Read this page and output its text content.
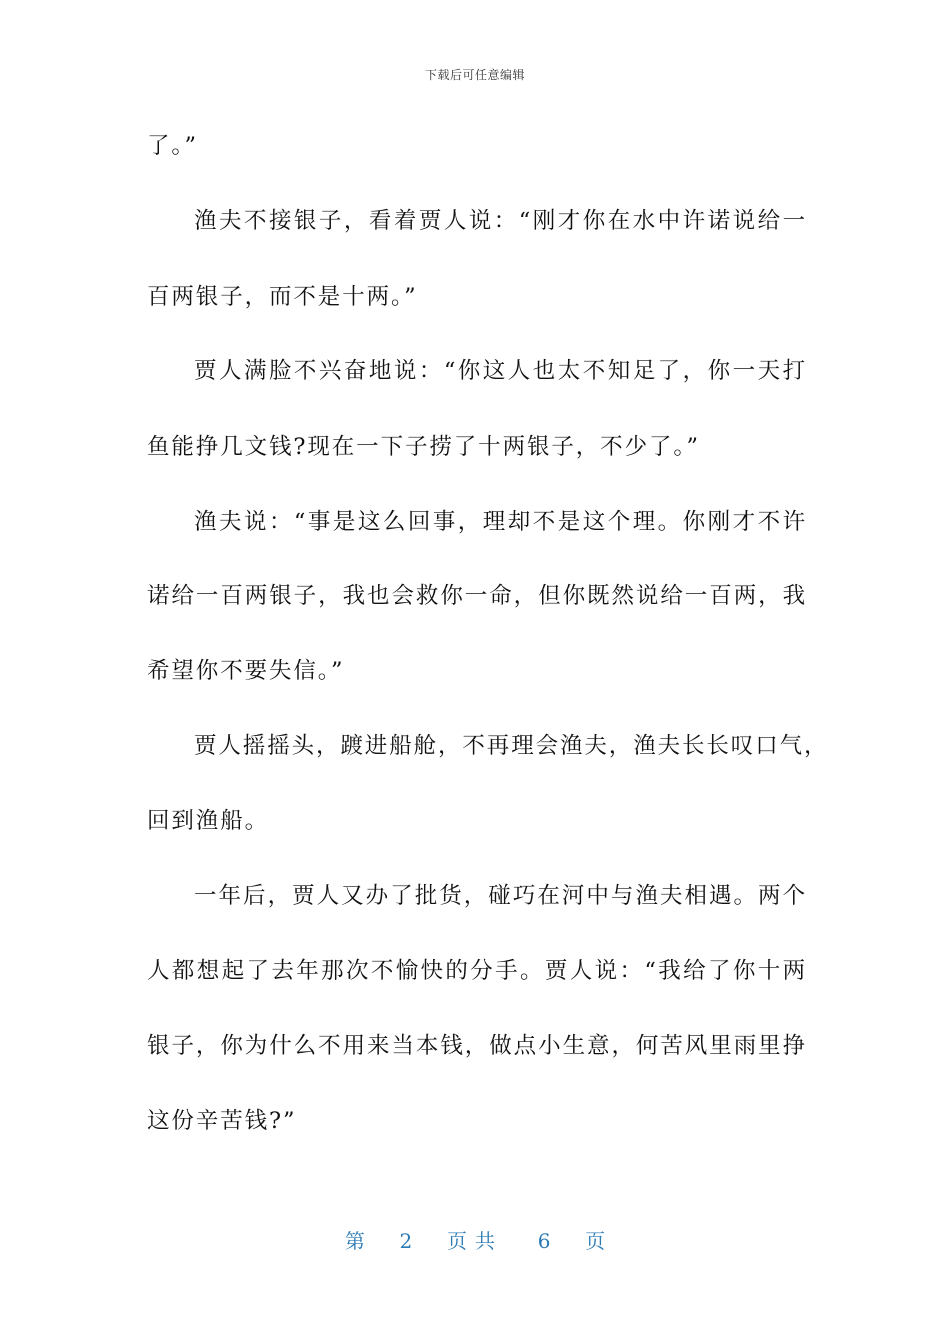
下载后可任意编辑
了。”
渔夫不接银子，看着贾人说：“刚才你在水中许诺说给一
百两银子，而不是十两。”
贾人满脸不兴奋地说：“你这人也太不知足了，你一天打
鱼能挣几文钱?现在一下子捞了十两银子，不少了。”
渔夫说：“事是这么回事，理却不是这个理。你刚才不许
诺给一百两银子，我也会救你一命，但你既然说给一百两，我
希望你不要失信。”
贾人摇摇头，踱进船舱，不再理会渔夫，渔夫长长叹口气，
回到渔船。
一年后，贾人又办了批货，碰巧在河中与渔夫相遇。两个
人都想起了去年那次不愉快的分手。贾人说：“我给了你十两
银子，你为什么不用来当本钱，做点小生意，何苦风里雨里挣
这份辛苦钱?”
第 2 页共 6 页
